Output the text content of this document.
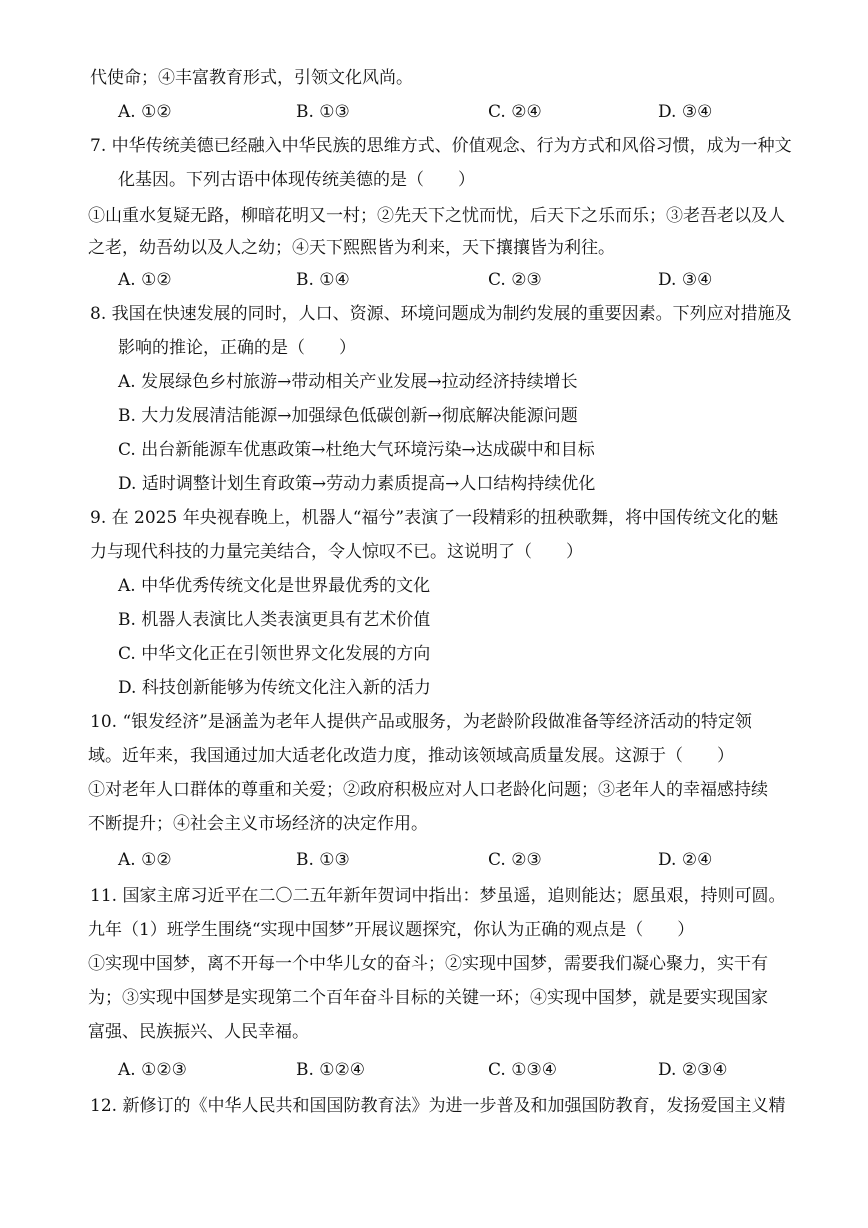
代使命；④丰富教育形式，引领文化风尚。
A. ①②	B. ①③	C. ②④	D. ③④
7. 中华传统美德已经融入中华民族的思维方式、价值观念、行为方式和风俗习惯，成为一种文
化基因。下列古语中体现传统美德的是（　　）
①山重水复疑无路，柳暗花明又一村；②先天下之忧而忧，后天下之乐而乐；③老吾老以及人
之老，幼吾幼以及人之幼；④天下熙熙皆为利来，天下攘攘皆为利往。
A. ①②	B. ①④	C. ②③	D. ③④
8. 我国在快速发展的同时，人口、资源、环境问题成为制约发展的重要因素。下列应对措施及
影响的推论，正确的是（　　）
A. 发展绿色乡村旅游→带动相关产业发展→拉动经济持续增长
B. 大力发展清洁能源→加强绿色低碳创新→彻底解决能源问题
C. 出台新能源车优惠政策→杜绝大气环境污染→达成碳中和目标
D. 适时调整计划生育政策→劳动力素质提高→人口结构持续优化
9. 在 2025 年央视春晚上，机器人“福兮”表演了一段精彩的扭秧歌舞，将中国传统文化的魅
力与现代科技的力量完美结合，令人惊叹不已。这说明了（　　）
A. 中华优秀传统文化是世界最优秀的文化
B. 机器人表演比人类表演更具有艺术价值
C. 中华文化正在引领世界文化发展的方向
D. 科技创新能够为传统文化注入新的活力
10. “银发经济”是涵盖为老年人提供产品或服务，为老龄阶段做准备等经济活动的特定领
域。近年来，我国通过加大适老化改造力度，推动该领域高质量发展。这源于（　　）
①对老年人口群体的尊重和关爱；②政府积极应对人口老龄化问题；③老年人的幸福感持续
不断提升；④社会主义市场经济的决定作用。
A. ①②	B. ①③	C. ②③	D. ②④
11. 国家主席习近平在二〇二五年新年贺词中指出：梦虽遥，追则能达；愿虽艰，持则可圆。
九年（1）班学生围绕“实现中国梦”开展议题探究，你认为正确的观点是（　　）
①实现中国梦，离不开每一个中华儿女的奋斗；②实现中国梦，需要我们凝心聚力，实干有
为；③实现中国梦是实现第二个百年奋斗目标的关键一环；④实现中国梦，就是要实现国家
富强、民族振兴、人民幸福。
A. ①②③	B. ①②④	C. ①③④	D. ②③④
12. 新修订的《中华人民共和国国防教育法》为进一步普及和加强国防教育，发扬爱国主义精
